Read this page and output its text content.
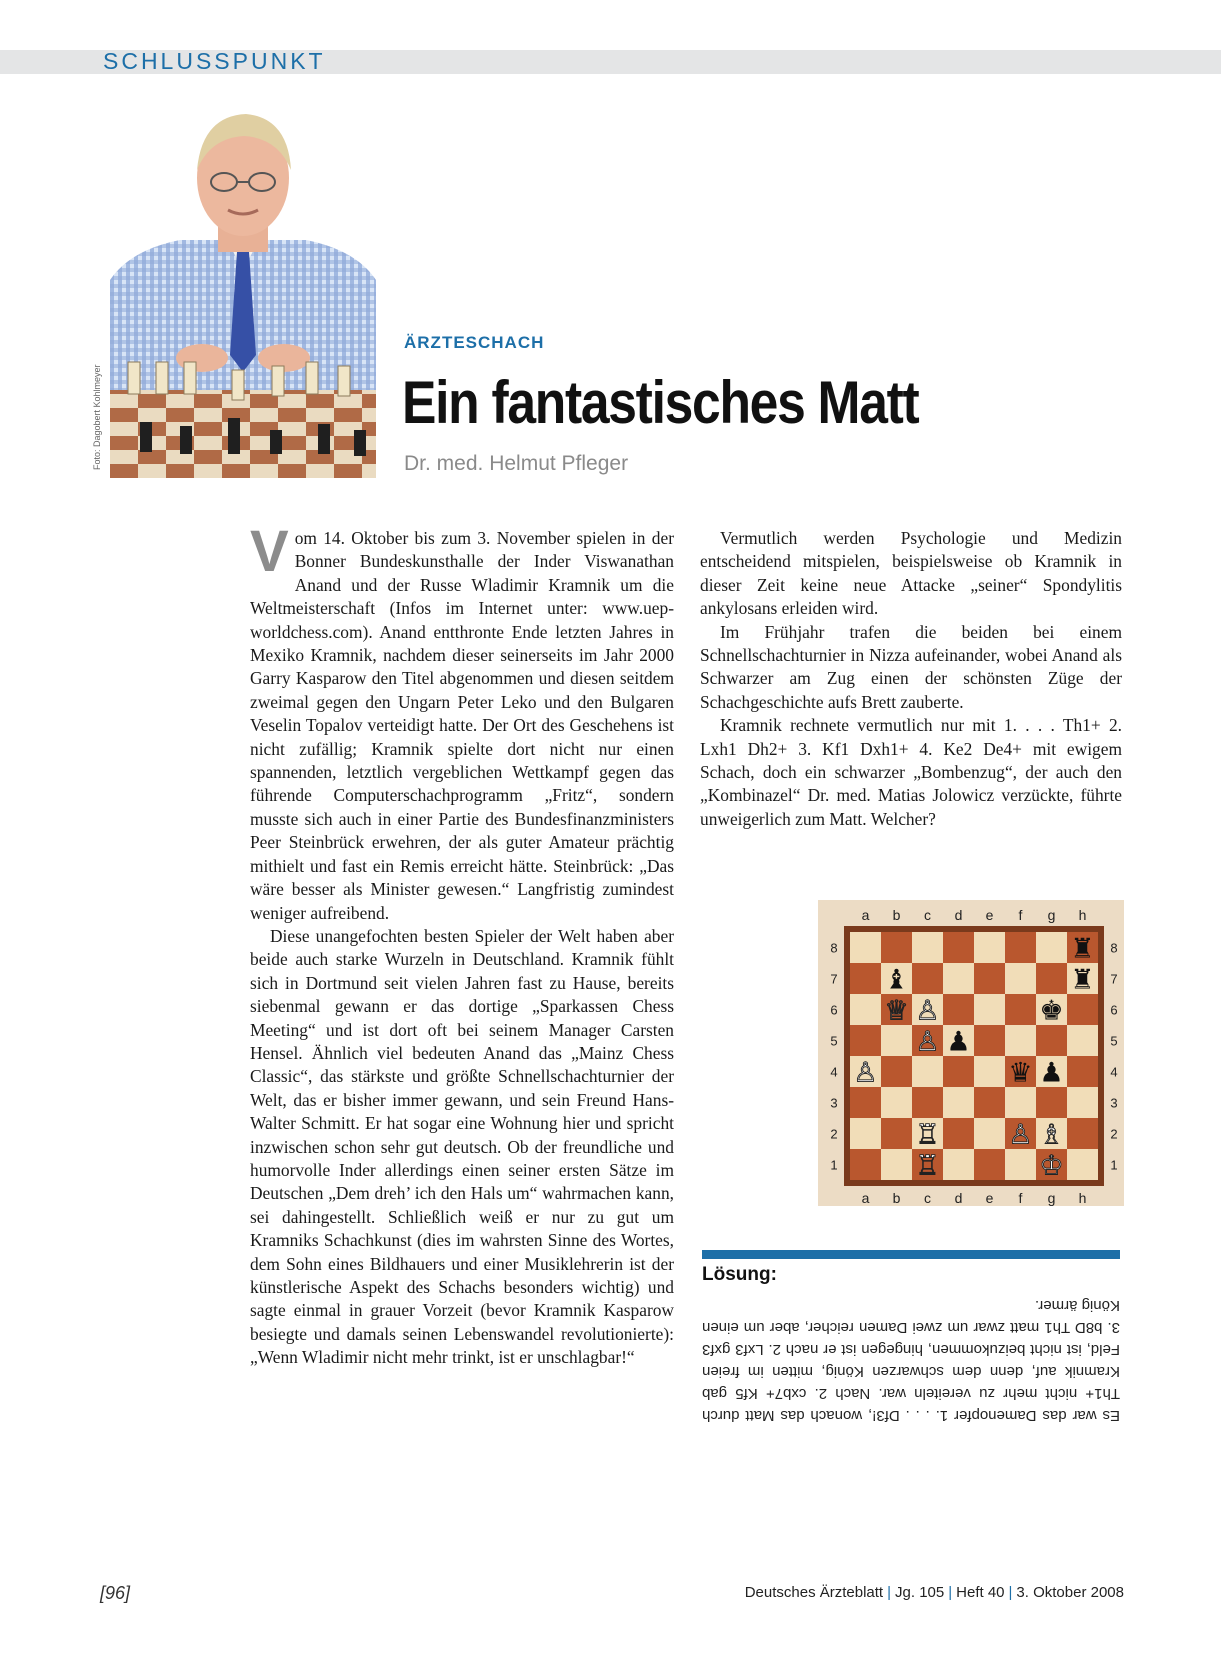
SCHLUSSPUNKT
Foto: Dagobert Kohlmeyer
ÄRZTESCHACH
Ein fantastisches Matt
Dr. med. Helmut Pfleger

Vom 14. Oktober bis zum 3. November spielen in der Bonner Bundeskunsthalle der Inder Viswanathan Anand und der Russe Wladimir Kramnik um die Weltmeisterschaft (Infos im Internet unter: www.uep-worldchess.com). Anand entthronte Ende letzten Jahres in Mexiko Kramnik, nachdem dieser seinerseits im Jahr 2000 Garry Kasparow den Titel abgenommen und diesen seitdem zweimal gegen den Ungarn Peter Leko und den Bulgaren Veselin Topalov verteidigt hatte. Der Ort des Geschehens ist nicht zufällig; Kramnik spielte dort nicht nur einen spannenden, letztlich vergeblichen Wettkampf gegen das führende Computerschachprogramm „Fritz“, sondern musste sich auch in einer Partie des Bundesfinanzministers Peer Steinbrück erwehren, der als guter Amateur prächtig mithielt und fast ein Remis erreicht hätte. Steinbrück: „Das wäre besser als Minister gewesen.“ Langfristig zumindest weniger aufreibend.

Diese unangefochten besten Spieler der Welt haben aber beide auch starke Wurzeln in Deutschland. Kramnik fühlt sich in Dortmund seit vielen Jahren fast zu Hause, bereits siebenmal gewann er das dortige „Sparkassen Chess Meeting“ und ist dort oft bei seinem Manager Carsten Hensel. Ähnlich viel bedeuten Anand das „Mainz Chess Classic“, das stärkste und größte Schnellschachturnier der Welt, das er bisher immer gewann, und sein Freund Hans-Walter Schmitt. Er hat sogar eine Wohnung hier und spricht inzwischen schon sehr gut deutsch. Ob der freundliche und humorvolle Inder allerdings einen seiner ersten Sätze im Deutschen „Dem dreh’ ich den Hals um“ wahrmachen kann, sei dahingestellt. Schließlich weiß er nur zu gut um Kramniks Schachkunst (dies im wahrsten Sinne des Wortes, dem Sohn eines Bildhauers und einer Musiklehrerin ist der künstlerische Aspekt des Schachs besonders wichtig) und sagte einmal in grauer Vorzeit (bevor Kramnik Kasparow besiegte und damals seinen Lebenswandel revolutionierte): „Wenn Wladimir nicht mehr trinkt, ist er unschlagbar!“

Vermutlich werden Psychologie und Medizin entscheidend mitspielen, beispielsweise ob Kramnik in dieser Zeit keine neue Attacke „seiner“ Spondylitis ankylosans erleiden wird.

Im Frühjahr trafen die beiden bei einem Schnellschachturnier in Nizza aufeinander, wobei Anand als Schwarzer am Zug einen der schönsten Züge der Schachgeschichte aufs Brett zauberte.

Kramnik rechnete vermutlich nur mit 1. . . . Th1+ 2. Lxh1 Dh2+ 3. Kf1 Dxh1+ 4. Ke2 De4+ mit ewigem Schach, doch ein schwarzer „Bombenzug“, der auch den „Kombinazel“ Dr. med. Matias Jolowicz verzückte, führte unweigerlich zum Matt. Welcher?

a
a
b
b
c
c
d
d
e
e
f
f
g
g
h
h
8	8
7	7
6	6
5	5
4	4
3	3
2	2
1	1
♜
♜
♝
♕ ♙	♚
♙ ♟
♙	♛ ♟
♖	♙ ♗
♖	♔
Lösung:
Es war das Damenopfer 1. . . . Df3!, wonach das Matt durch Th1+ nicht mehr zu vereiteln war. Nach 2. cxb7+ Kf5 gab Kramnik auf, denn dem schwarzen König, mitten im freien Feld, ist nicht beizukommen, hingegen ist er nach 2. Lxf3 gxf3 3. b8D Th1 matt zwar um zwei Damen reicher, aber um einen König ärmer.
[96]	Deutsches Ärzteblatt | Jg. 105 | Heft 40 | 3. Oktober 2008
